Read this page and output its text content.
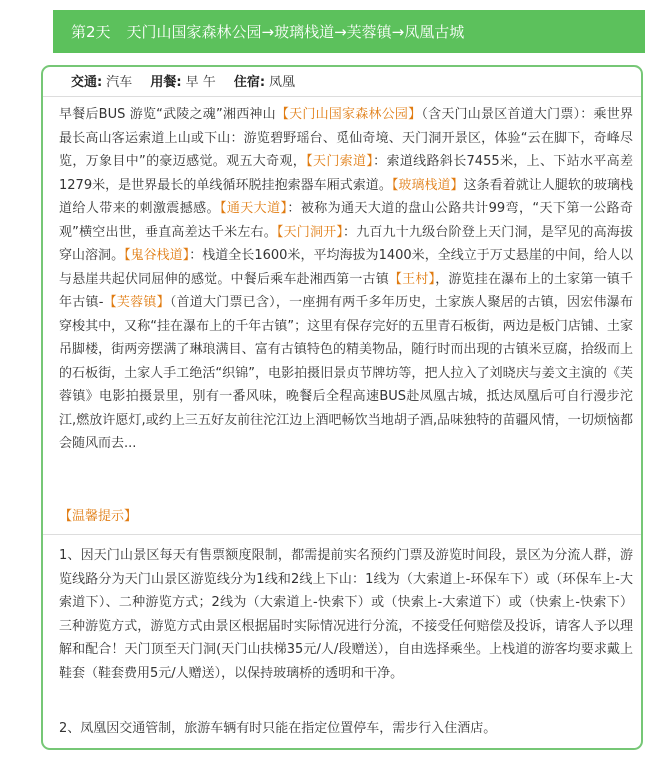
第2天 天门山国家森林公园→玻璃栈道→芙蓉镇→凤凰古城
交通: 汽车 用餐: 早 午 住宿: 凤凰

早餐后BUS 游览“武陵之魂”湘西神山【天门山国家森林公园】（含天门山景区首道大门票）：乘世界最长高山客运索道上山或下山：游览碧野瑶台、觅仙奇境、天门洞开景区，体验“云在脚下，奇峰尽览，万象目中”的豪迈感觉。观五大奇观，【天门索道】：索道线路斜长7455米，上、下站水平高差1279米，是世界最长的单线循环脱挂抱索器车厢式索道。【玻璃栈道】这条看着就让人腿软的玻璃栈道给人带来的刺激震撼感。【通天大道】：被称为通天大道的盘山公路共计99弯，“天下第一公路奇观”横空出世，垂直高差达千米左右。【天门洞开】：九百九十九级台阶登上天门洞，是罕见的高海拔穿山溶洞。【鬼谷栈道】：栈道全长1600米，平均海拔为1400米，全线立于万丈悬崖的中间，给人以与悬崖共起伏同屈伸的感觉。中餐后乘车赴湘西第一古镇【王村】，游览挂在瀑布上的土家第一镇千年古镇-【芙蓉镇】（首道大门票已含），一座拥有两千多年历史，土家族人聚居的古镇，因宏伟瀑布穿梭其中，又称“挂在瀑布上的千年古镇”；这里有保存完好的五里青石板街，两边是板门店铺、土家吊脚楼，街两旁摆满了琳琅满目、富有古镇特色的精美物品，随行时而出现的古镇米豆腐，拾级而上的石板街，土家人手工绝活“织锦”，电影拍摄旧景贞节牌坊等，把人拉入了刘晓庆与姜文主演的《芙蓉镇》电影拍摄景里，别有一番风味，晚餐后全程高速BUS赴凤凰古城，抵达凤凰后可自行漫步沱江,燃放许愿灯,或约上三五好友前往沱江边上酒吧畅饮当地胡子酒,品味独特的苗疆风情，一切烦恼都会随风而去...

【温馨提示】

1、因天门山景区每天有售票额度限制，都需提前实名预约门票及游览时间段，景区为分流人群，游览线路分为天门山景区游览线分为1线和2线上下山：1线为（大索道上-环保车下）或（环保车上-大索道下）、二种游览方式；2线为（大索道上-快索下）或（快索上-大索道下）或（快索上-快索下）三种游览方式，游览方式由景区根据届时实际情况进行分流，不接受任何赔偿及投诉，请客人予以理解和配合！天门顶至天门洞(天门山扶梯35元/人/段赠送），自由选择乘坐。上栈道的游客均要求戴上鞋套（鞋套费用5元/人赠送），以保持玻璃桥的透明和干净。

2、凤凰因交通管制，旅游车辆有时只能在指定位置停车，需步行入住酒店。
